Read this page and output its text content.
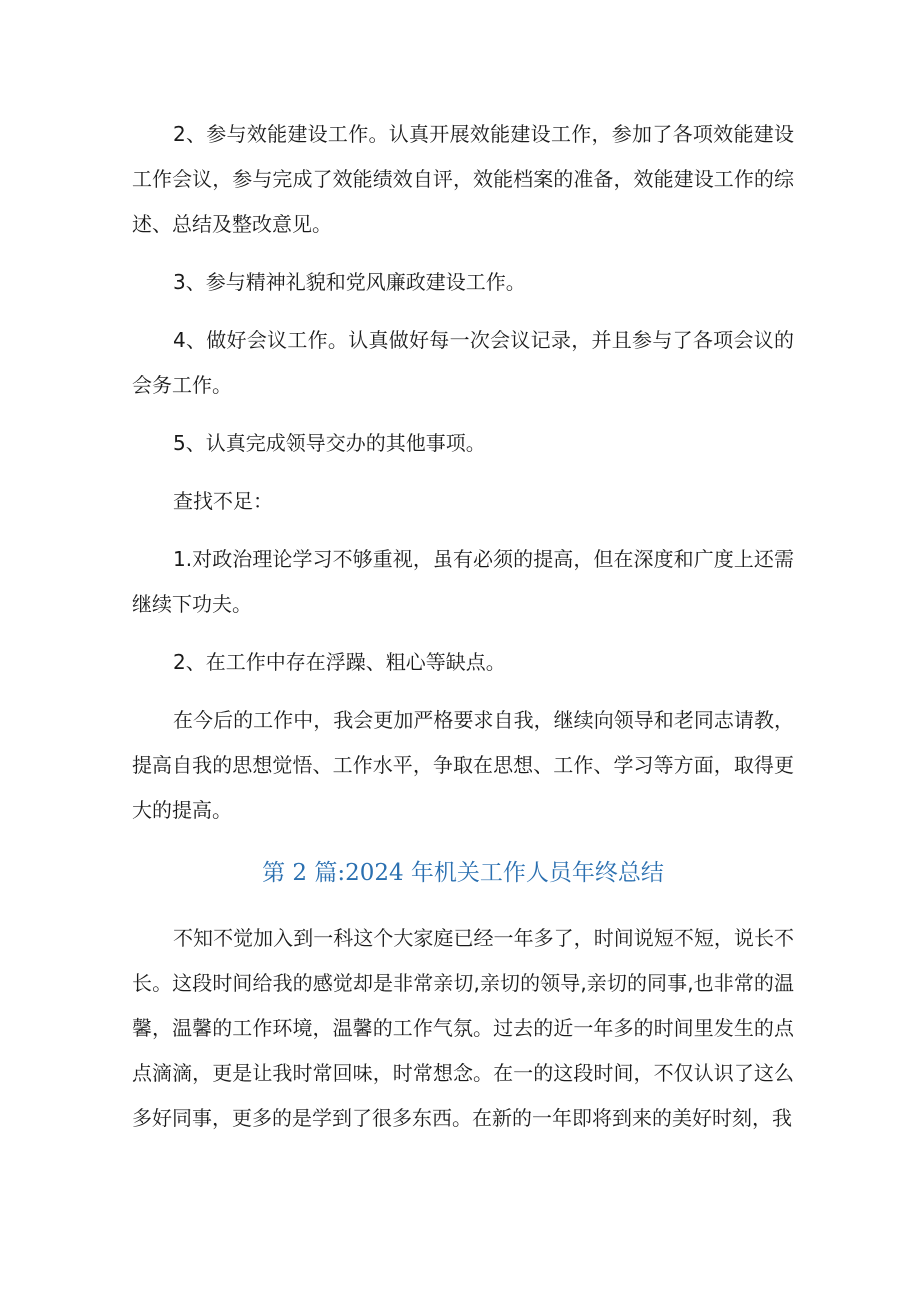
2、参与效能建设工作。认真开展效能建设工作，参加了各项效能建设工作会议，参与完成了效能绩效自评，效能档案的准备，效能建设工作的综述、总结及整改意见。

3、参与精神礼貌和党风廉政建设工作。

4、做好会议工作。认真做好每一次会议记录，并且参与了各项会议的会务工作。

5、认真完成领导交办的其他事项。

查找不足：

1.对政治理论学习不够重视，虽有必须的提高，但在深度和广度上还需继续下功夫。

2、在工作中存在浮躁、粗心等缺点。

在今后的工作中，我会更加严格要求自我，继续向领导和老同志请教，提高自我的思想觉悟、工作水平，争取在思想、工作、学习等方面，取得更大的提高。

第 2 篇:2024 年机关工作人员年终总结

不知不觉加入到一科这个大家庭已经一年多了，时间说短不短，说长不长。这段时间给我的感觉却是非常亲切,亲切的领导,亲切的同事,也非常的温馨，温馨的工作环境，温馨的工作气氛。过去的近一年多的时间里发生的点点滴滴，更是让我时常回味，时常想念。在一的这段时间，不仅认识了这么多好同事，更多的是学到了很多东西。在新的一年即将到来的美好时刻，我
